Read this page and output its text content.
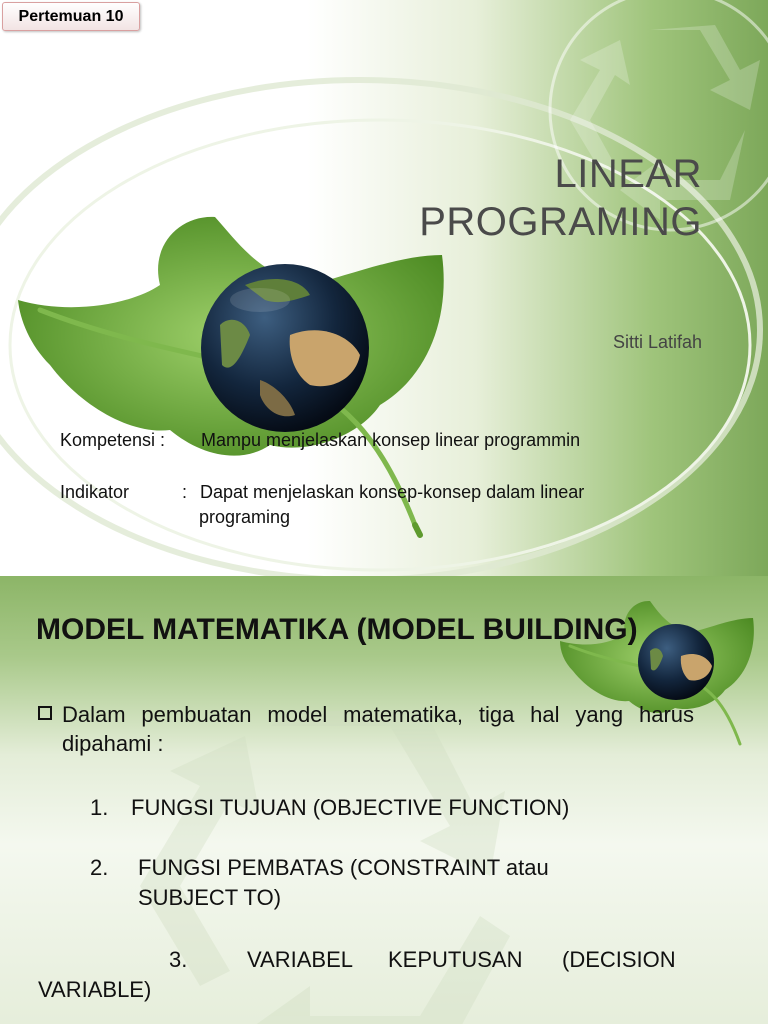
Pertemuan 10
LINEAR
PROGRAMING
Sitti Latifah
Kompetensi : Mampu menjelaskan konsep linear programmin
Indikator	: Dapat menjelaskan konsep-konsep dalam linear
programing
MODEL MATEMATIKA (MODEL BUILDING)
Dalam pembuatan model matematika, tiga hal yang harus dipahami :
1. FUNGSI TUJUAN (OBJECTIVE FUNCTION)
2. FUNGSI PEMBATAS (CONSTRAINT atau
SUBJECT TO)
3.	VARIABEL KEPUTUSAN (DECISION
VARIABLE)
